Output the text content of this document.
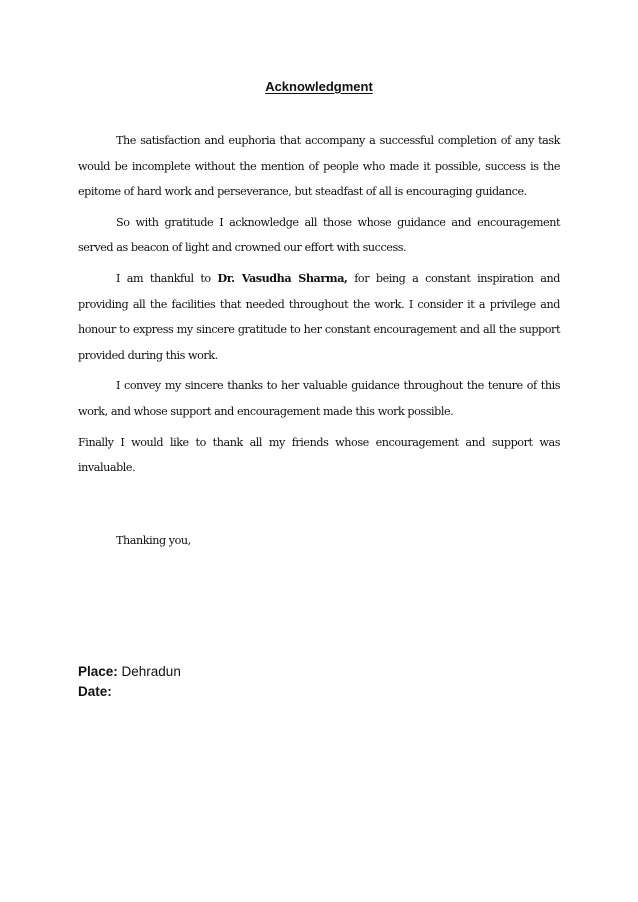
Acknowledgment

The satisfaction and euphoria that accompany a successful completion of any task would be incomplete without the mention of people who made it possible, success is the epitome of hard work and perseverance, but steadfast of all is encouraging guidance.

So with gratitude I acknowledge all those whose guidance and encouragement served as beacon of light and crowned our effort with success.

I am thankful to Dr. Vasudha Sharma, for being a constant inspiration and providing all the facilities that needed throughout the work. I consider it a privilege and honour to express my sincere gratitude to her constant encouragement and all the support provided during this work.

I convey my sincere thanks to her valuable guidance throughout the tenure of this work, and whose support and encouragement made this work possible.

Finally I would like to thank all my friends whose encouragement and support was invaluable.

Thanking you,

Place: Dehradun
Date:
